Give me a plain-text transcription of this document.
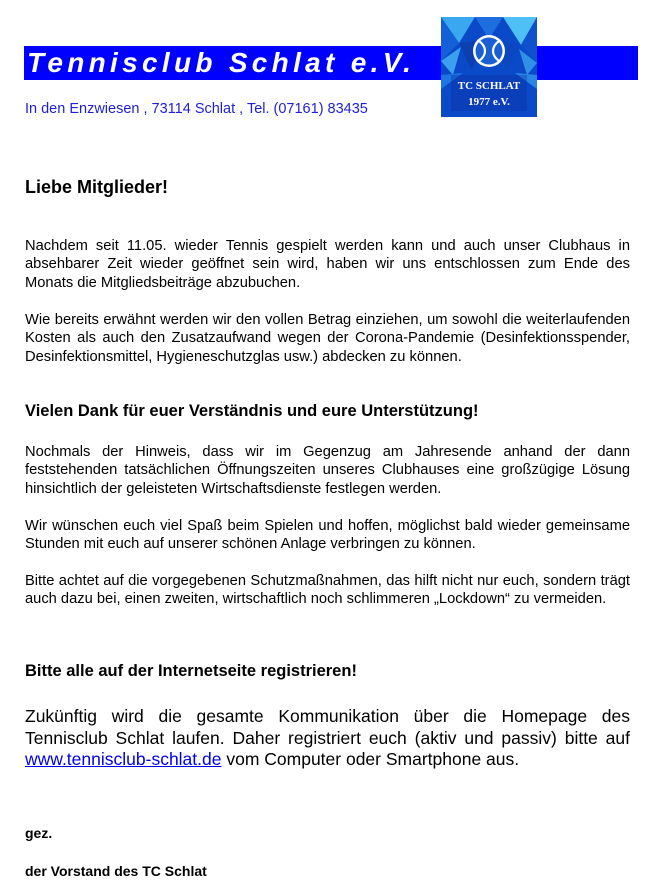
Tennisclub Schlat e.V.
TC SCHLAT
1977 e.V.
In den Enzwiesen , 73114 Schlat , Tel. (07161) 83435
Liebe Mitglieder!

Nachdem seit 11.05. wieder Tennis gespielt werden kann und auch unser Clubhaus in absehbarer Zeit wieder geöffnet sein wird, haben wir uns entschlossen zum Ende des Monats die Mitgliedsbeiträge abzubuchen.

Wie bereits erwähnt werden wir den vollen Betrag einziehen, um sowohl die weiterlaufenden Kosten als auch den Zusatzaufwand wegen der Corona-Pandemie (Desinfektionsspender, Desinfektionsmittel, Hygieneschutzglas usw.) abdecken zu können.

Vielen Dank für euer Verständnis und eure Unterstützung!

Nochmals der Hinweis, dass wir im Gegenzug am Jahresende anhand der dann feststehenden tatsächlichen Öffnungszeiten unseres Clubhauses eine großzügige Lösung hinsichtlich der geleisteten Wirtschaftsdienste festlegen werden.

Wir wünschen euch viel Spaß beim Spielen und hoffen, möglichst bald wieder gemeinsame Stunden mit euch auf unserer schönen Anlage verbringen zu können.

Bitte achtet auf die vorgegebenen Schutzmaßnahmen, das hilft nicht nur euch, sondern trägt auch dazu bei, einen zweiten, wirtschaftlich noch schlimmeren „Lockdown“ zu vermeiden.

Bitte alle auf der Internetseite registrieren!

Zukünftig wird die gesamte Kommunikation über die Homepage des Tennisclub Schlat laufen. Daher registriert euch (aktiv und passiv) bitte auf www.tennisclub-schlat.de vom Computer oder Smartphone aus.

gez.

der Vorstand des TC Schlat
